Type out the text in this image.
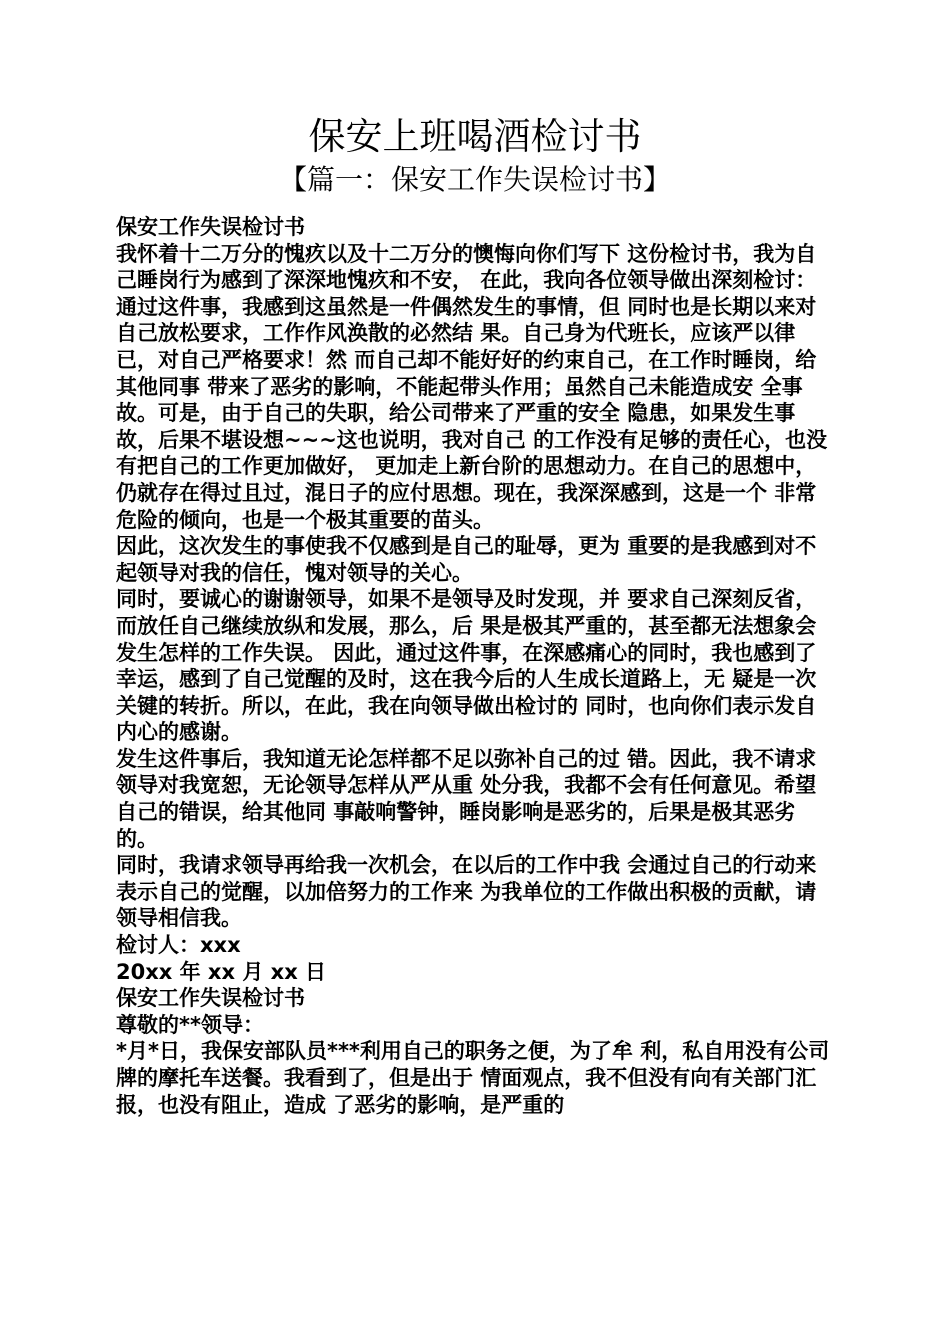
保安上班喝酒检讨书
【篇一：保安工作失误检讨书】

保安工作失误检讨书

我怀着十二万分的愧疚以及十二万分的懊悔向你们写下 这份检讨书，我为自己睡岗行为感到了深深地愧疚和不安， 在此，我向各位领导做出深刻检讨：

通过这件事，我感到这虽然是一件偶然发生的事情，但 同时也是长期以来对自己放松要求，工作作风涣散的必然结 果。自己身为代班长，应该严以律已，对自己严格要求！然 而自己却不能好好的约束自己，在工作时睡岗，给其他同事 带来了恶劣的影响，不能起带头作用；虽然自己未能造成安 全事故。可是，由于自己的失职，给公司带来了严重的安全 隐患，如果发生事故，后果不堪设想~~~这也说明，我对自己 的工作没有足够的责任心，也没有把自己的工作更加做好， 更加走上新台阶的思想动力。在自己的思想中，仍就存在得过且过，混日子的应付思想。现在，我深深感到，这是一个 非常危险的倾向，也是一个极其重要的苗头。

因此，这次发生的事使我不仅感到是自己的耻辱，更为 重要的是我感到对不起领导对我的信任，愧对领导的关心。

同时，要诚心的谢谢领导，如果不是领导及时发现，并 要求自己深刻反省，而放任自己继续放纵和发展，那么，后 果是极其严重的，甚至都无法想象会发生怎样的工作失误。 因此，通过这件事，在深感痛心的同时，我也感到了幸运，感到了自己觉醒的及时，这在我今后的人生成长道路上，无 疑是一次关键的转折。所以，在此，我在向领导做出检讨的 同时，也向你们表示发自内心的感谢。

发生这件事后，我知道无论怎样都不足以弥补自己的过 错。因此，我不请求领导对我宽恕，无论领导怎样从严从重 处分我，我都不会有任何意见。希望自己的错误，给其他同 事敲响警钟，睡岗影响是恶劣的，后果是极其恶劣的。

同时，我请求领导再给我一次机会，在以后的工作中我 会通过自己的行动来表示自己的觉醒，以加倍努力的工作来 为我单位的工作做出积极的贡献，请领导相信我。

检讨人：xxx

20xx 年 xx 月 xx 日

保安工作失误检讨书

尊敬的**领导：

*月*日，我保安部队员***利用自己的职务之便，为了牟 利，私自用没有公司牌的摩托车送餐。我看到了，但是出于 情面观点，我不但没有向有关部门汇报，也没有阻止，造成 了恶劣的影响，是严重的
